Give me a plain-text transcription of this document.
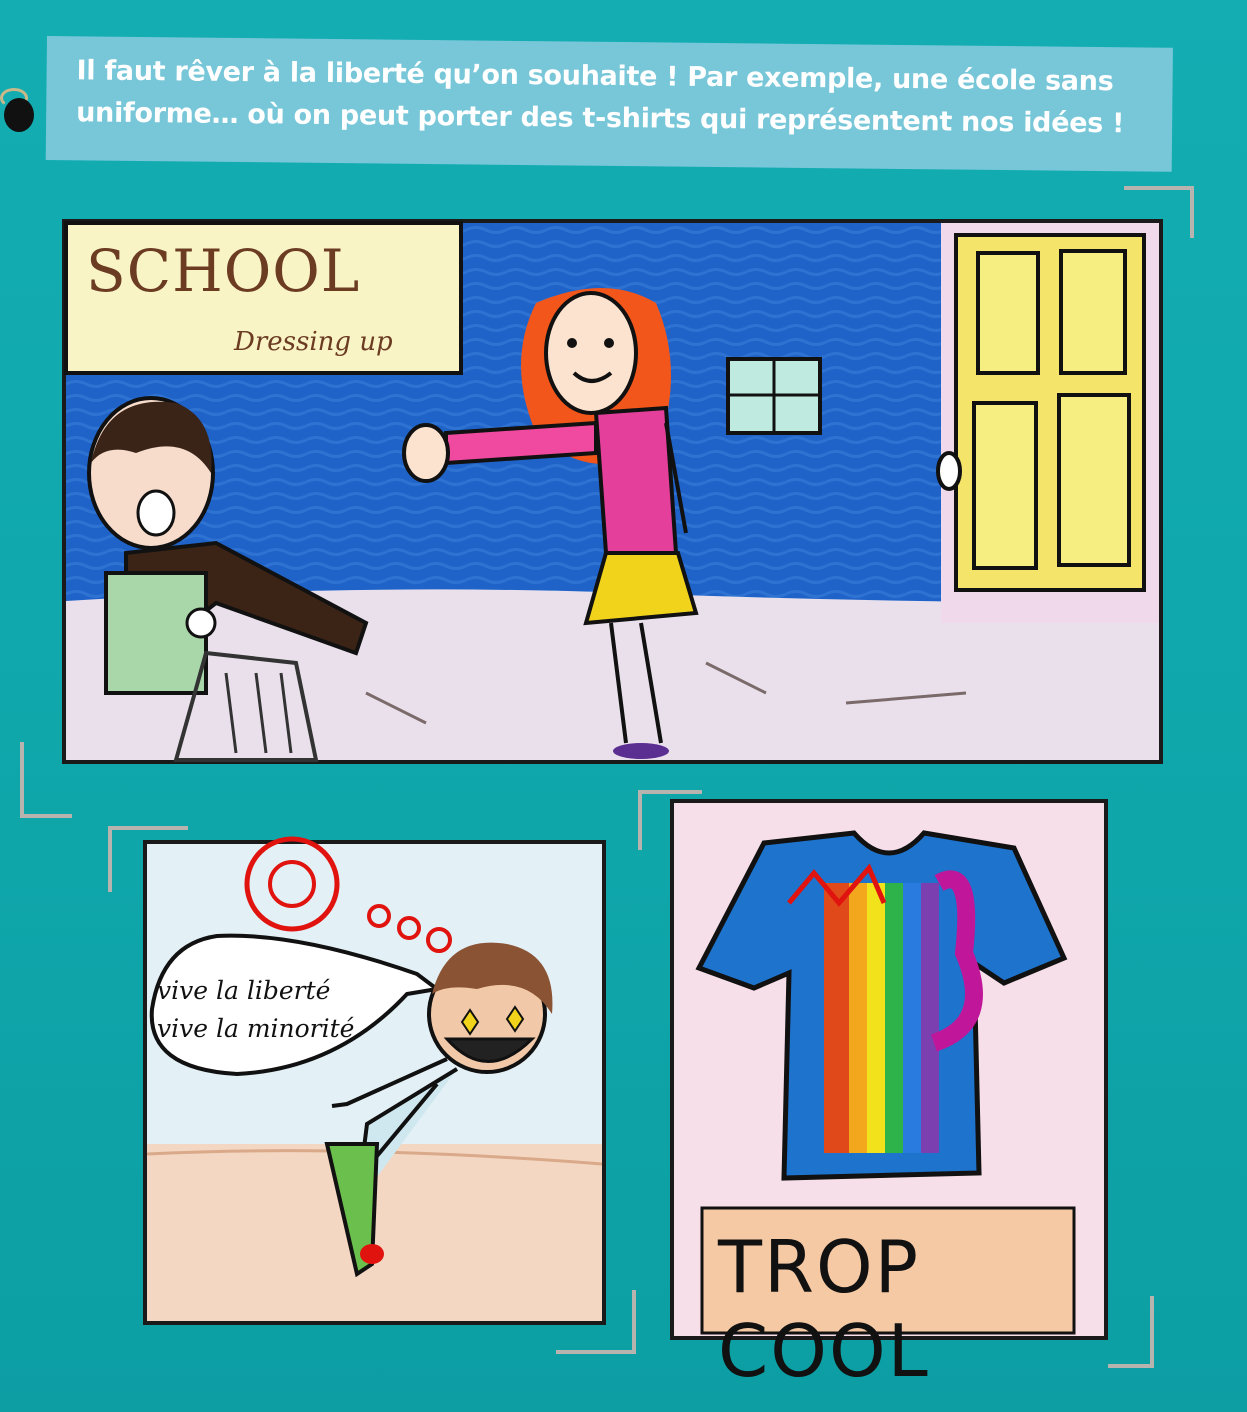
Il faut rêver à la liberté qu’on souhaite ! Par exemple, une école sans

uniforme… où on peut porter des t-shirts qui représentent nos idées !

SCHOOL
Dressing up
vive la liberté
vive la minorité
TROP COOL
